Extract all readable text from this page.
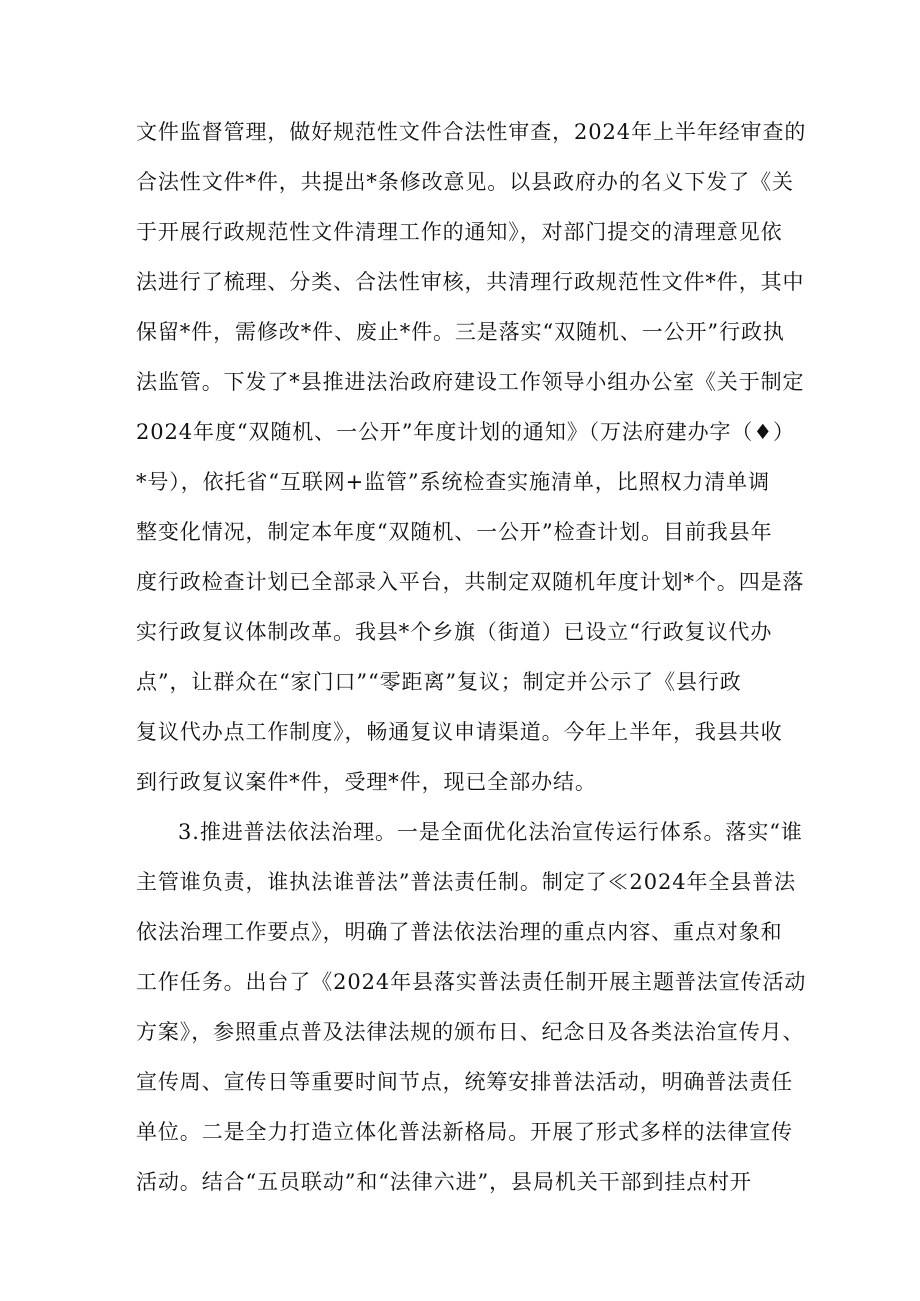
文件监督管理，做好规范性文件合法性审查，2024年上半年经审查的
合法性文件*件，共提出*条修改意见。以县政府办的名义下发了《关
于开展行政规范性文件清理工作的通知》，对部门提交的清理意见依
法进行了梳理、分类、合法性审核，共清理行政规范性文件*件，其中
保留*件，需修改*件、废止*件。三是落实“双随机、一公开”行政执
法监管。下发了*县推进法治政府建设工作领导小组办公室《关于制定
2024年度“双随机、一公开”年度计划的通知》（万法府建办字（♦）
*号），依托省“互联网+监管”系统检查实施清单，比照权力清单调
整变化情况，制定本年度“双随机、一公开”检查计划。目前我县年
度行政检查计划已全部录入平台，共制定双随机年度计划*个。四是落
实行政复议体制改革。我县*个乡旗（街道）已设立“行政复议代办
点”，让群众在“家门口”“零距离”复议；制定并公示了《县行政
复议代办点工作制度》，畅通复议申请渠道。今年上半年，我县共收
到行政复议案件*件，受理*件，现已全部办结。
3.推进普法依法治理。一是全面优化法治宣传运行体系。落实“谁
主管谁负责，谁执法谁普法”普法责任制。制定了≪2024年全县普法
依法治理工作要点》，明确了普法依法治理的重点内容、重点对象和
工作任务。出台了《2024年县落实普法责任制开展主题普法宣传活动
方案》，参照重点普及法律法规的颁布日、纪念日及各类法治宣传月、
宣传周、宣传日等重要时间节点，统筹安排普法活动，明确普法责任
单位。二是全力打造立体化普法新格局。开展了形式多样的法律宣传
活动。结合“五员联动”和“法律六进”，县局机关干部到挂点村开
